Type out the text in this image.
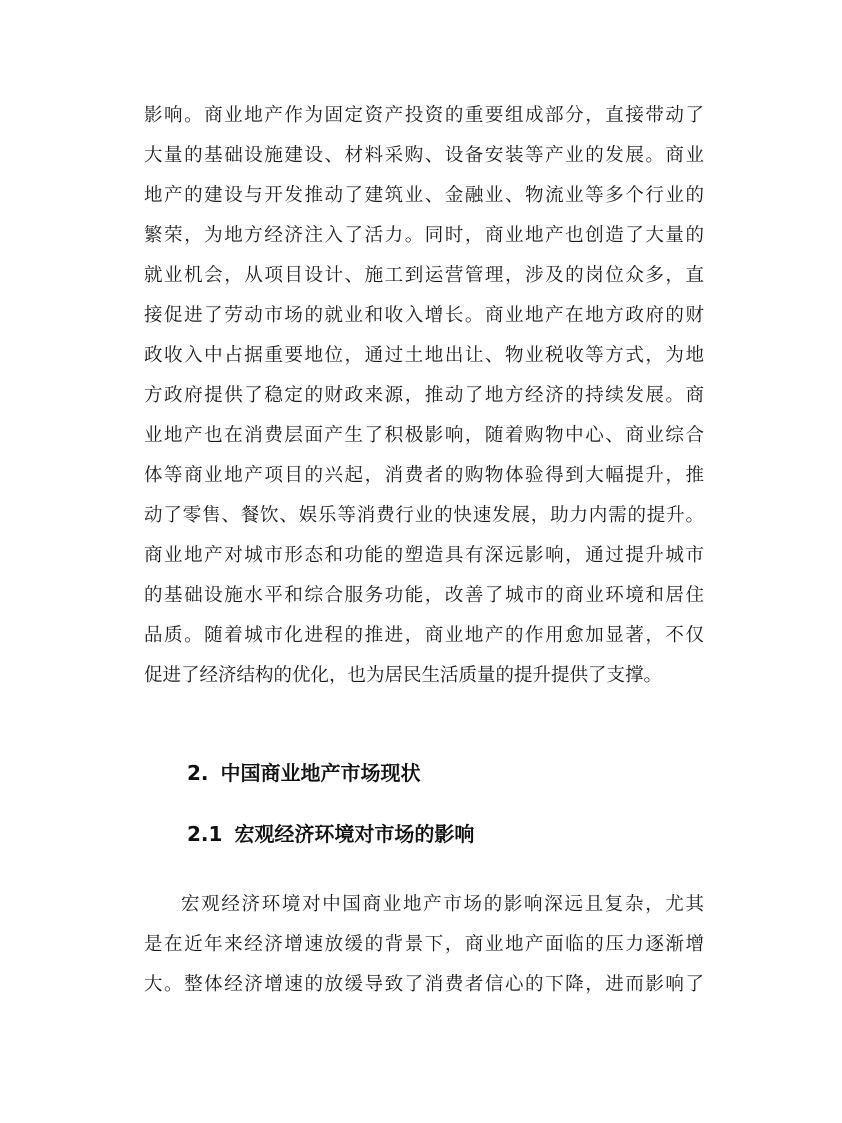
影响。商业地产作为固定资产投资的重要组成部分，直接带动了
大量的基础设施建设、材料采购、设备安装等产业的发展。商业
地产的建设与开发推动了建筑业、金融业、物流业等多个行业的
繁荣，为地方经济注入了活力。同时，商业地产也创造了大量的
就业机会，从项目设计、施工到运营管理，涉及的岗位众多，直
接促进了劳动市场的就业和收入增长。商业地产在地方政府的财
政收入中占据重要地位，通过土地出让、物业税收等方式，为地
方政府提供了稳定的财政来源，推动了地方经济的持续发展。商
业地产也在消费层面产生了积极影响，随着购物中心、商业综合
体等商业地产项目的兴起，消费者的购物体验得到大幅提升，推
动了零售、餐饮、娱乐等消费行业的快速发展，助力内需的提升。
商业地产对城市形态和功能的塑造具有深远影响，通过提升城市
的基础设施水平和综合服务功能，改善了城市的商业环境和居住
品质。随着城市化进程的推进，商业地产的作用愈加显著，不仅
促进了经济结构的优化，也为居民生活质量的提升提供了支撑。
2. 中国商业地产市场现状
2.1 宏观经济环境对市场的影响
宏观经济环境对中国商业地产市场的影响深远且复杂，尤其
是在近年来经济增速放缓的背景下，商业地产面临的压力逐渐增
大。整体经济增速的放缓导致了消费者信心的下降，进而影响了
